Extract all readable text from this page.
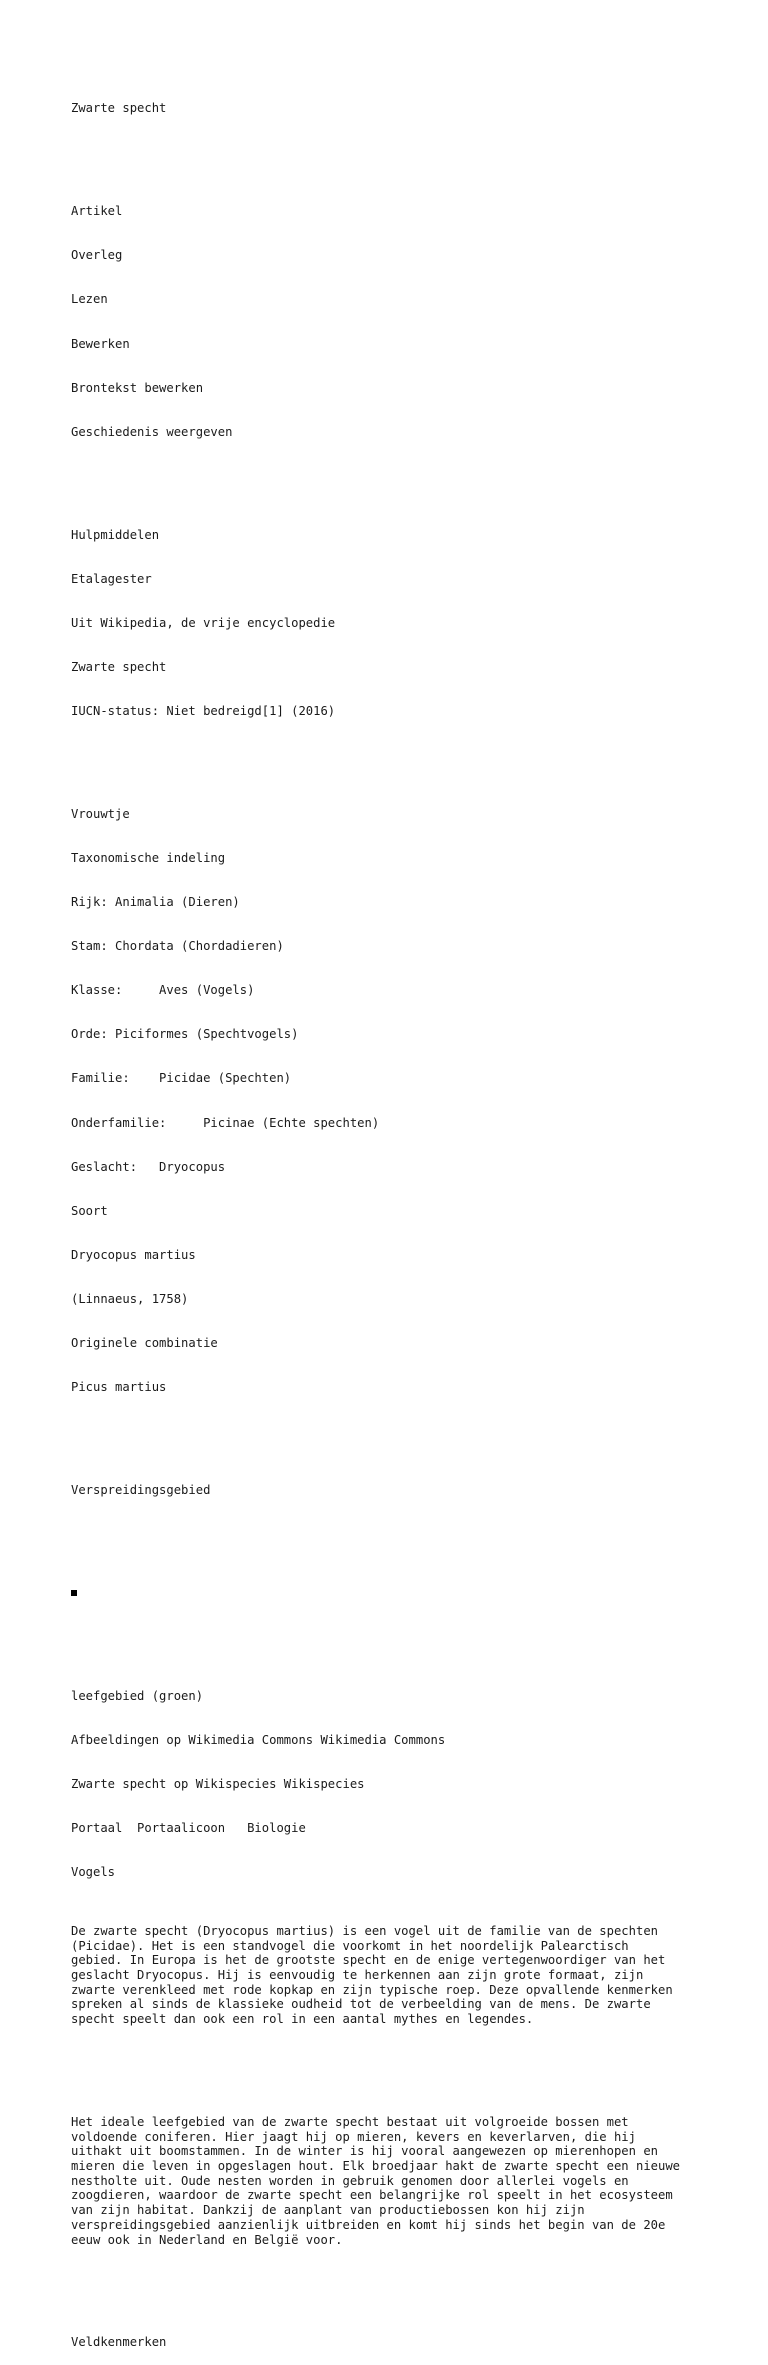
Zwarte specht

Artikel

Overleg

Lezen

Bewerken

Brontekst bewerken

Geschiedenis weergeven

Hulpmiddelen

Etalagester

Uit Wikipedia, de vrije encyclopedie

Zwarte specht

IUCN-status: Niet bedreigd[1] (2016)

Vrouwtje

Taxonomische indeling

Rijk: Animalia (Dieren)

Stam: Chordata (Chordadieren)

Klasse:     Aves (Vogels)

Orde: Piciformes (Spechtvogels)

Familie:    Picidae (Spechten)

Onderfamilie:     Picinae (Echte spechten)

Geslacht:   Dryocopus

Soort

Dryocopus martius

(Linnaeus, 1758)

Originele combinatie

Picus martius

Verspreidingsgebied

leefgebied (groen)

Afbeeldingen op Wikimedia Commons Wikimedia Commons

Zwarte specht op Wikispecies Wikispecies

Portaal  Portaalicoon   Biologie

Vogels

De zwarte specht (Dryocopus martius) is een vogel uit de familie van de spechten
(Picidae). Het is een standvogel die voorkomt in het noordelijk Palearctisch
gebied. In Europa is het de grootste specht en de enige vertegenwoordiger van het
geslacht Dryocopus. Hij is eenvoudig te herkennen aan zijn grote formaat, zijn
zwarte verenkleed met rode kopkap en zijn typische roep. Deze opvallende kenmerken
spreken al sinds de klassieke oudheid tot de verbeelding van de mens. De zwarte
specht speelt dan ook een rol in een aantal mythes en legendes.

Het ideale leefgebied van de zwarte specht bestaat uit volgroeide bossen met
voldoende coniferen. Hier jaagt hij op mieren, kevers en keverlarven, die hij
uithakt uit boomstammen. In de winter is hij vooral aangewezen op mierenhopen en
mieren die leven in opgeslagen hout. Elk broedjaar hakt de zwarte specht een nieuwe
nestholte uit. Oude nesten worden in gebruik genomen door allerlei vogels en
zoogdieren, waardoor de zwarte specht een belangrijke rol speelt in het ecosysteem
van zijn habitat. Dankzij de aanplant van productiebossen kon hij zijn
verspreidingsgebied aanzienlijk uitbreiden en komt hij sinds het begin van de 20e
eeuw ook in Nederland en België voor.

Veldkenmerken
